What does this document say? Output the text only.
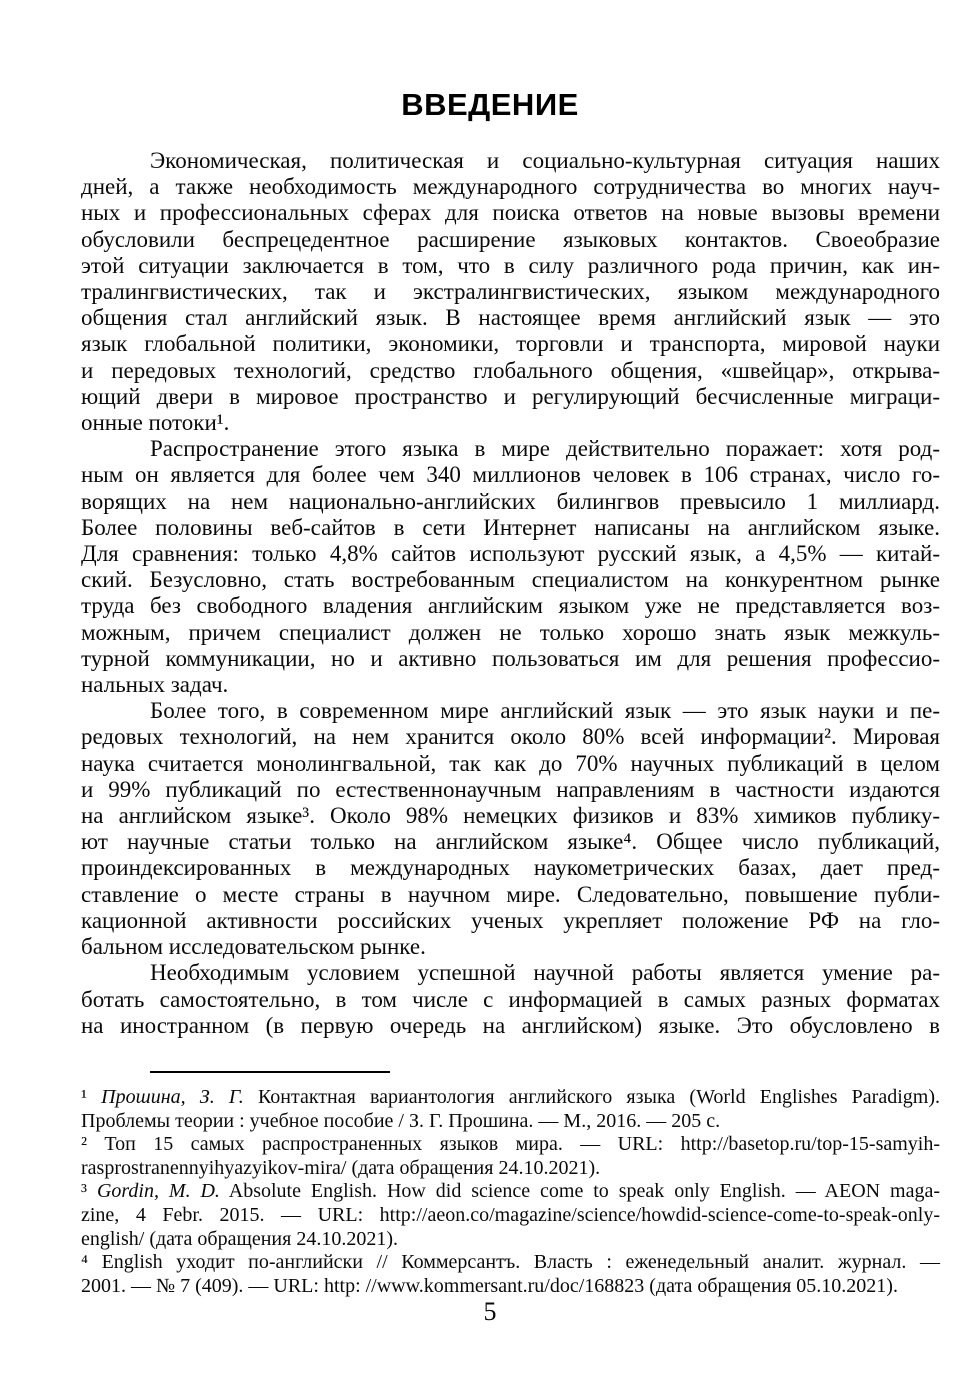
ВВЕДЕНИЕ
Экономическая, политическая и социально-культурная ситуация наших
дней, а также необходимость международного сотрудничества во многих науч-
ных и профессиональных сферах для поиска ответов на новые вызовы времени
обусловили беспрецедентное расширение языковых контактов. Своеобразие
этой ситуации заключается в том, что в силу различного рода причин, как ин-
тралингвистических, так и экстралингвистических, языком международного
общения стал английский язык. В настоящее время английский язык — это
язык глобальной политики, экономики, торговли и транспорта, мировой науки
и передовых технологий, средство глобального общения, «швейцар», открыва-
ющий двери в мировое пространство и регулирующий бесчисленные миграци-
онные потоки¹.
Распространение этого языка в мире действительно поражает: хотя род-
ным он является для более чем 340 миллионов человек в 106 странах, число го-
ворящих на нем национально-английских билингвов превысило 1 миллиард.
Более половины веб-сайтов в сети Интернет написаны на английском языке.
Для сравнения: только 4,8% сайтов используют русский язык, а 4,5% — китай-
ский. Безусловно, стать востребованным специалистом на конкурентном рынке
труда без свободного владения английским языком уже не представляется воз-
можным, причем специалист должен не только хорошо знать язык межкуль-
турной коммуникации, но и активно пользоваться им для решения профессио-
нальных задач.
Более того, в современном мире английский язык — это язык науки и пе-
редовых технологий, на нем хранится около 80% всей информации². Мировая
наука считается монолингвальной, так как до 70% научных публикаций в целом
и 99% публикаций по естественнонаучным направлениям в частности издаются
на английском языке³. Около 98% немецких физиков и 83% химиков публику-
ют научные статьи только на английском языке⁴. Общее число публикаций,
проиндексированных в международных наукометрических базах, дает пред-
ставление о месте страны в научном мире. Следовательно, повышение публи-
кационной активности российских ученых укрепляет положение РФ на гло-
бальном исследовательском рынке.
Необходимым условием успешной научной работы является умение ра-
ботать самостоятельно, в том числе с информацией в самых разных форматах
на иностранном (в первую очередь на английском) языке. Это обусловлено в
¹ Прошина, З. Г. Контактная вариантология английского языка (World Englishes Paradigm).
Проблемы теории : учебное пособие / З. Г. Прошина. — М., 2016. — 205 с.
² Топ 15 самых распространенных языков мира. — URL: http://basetop.ru/top-15-samyih-
rasprostranennyihyazyikov-mira/ (дата обращения 24.10.2021).
³ Gordin, M. D. Absolute English. How did science come to speak only English. — AEON maga-
zine, 4 Febr. 2015. — URL: http://aeon.co/magazine/science/howdid-science-come-to-speak-only-
english/ (дата обращения 24.10.2021).
⁴ English уходит по-английски // Коммерсантъ. Власть : еженедельный аналит. журнал. —
2001. — № 7 (409). — URL: http: //www.kommersant.ru/doc/168823 (дата обращения 05.10.2021).
5
